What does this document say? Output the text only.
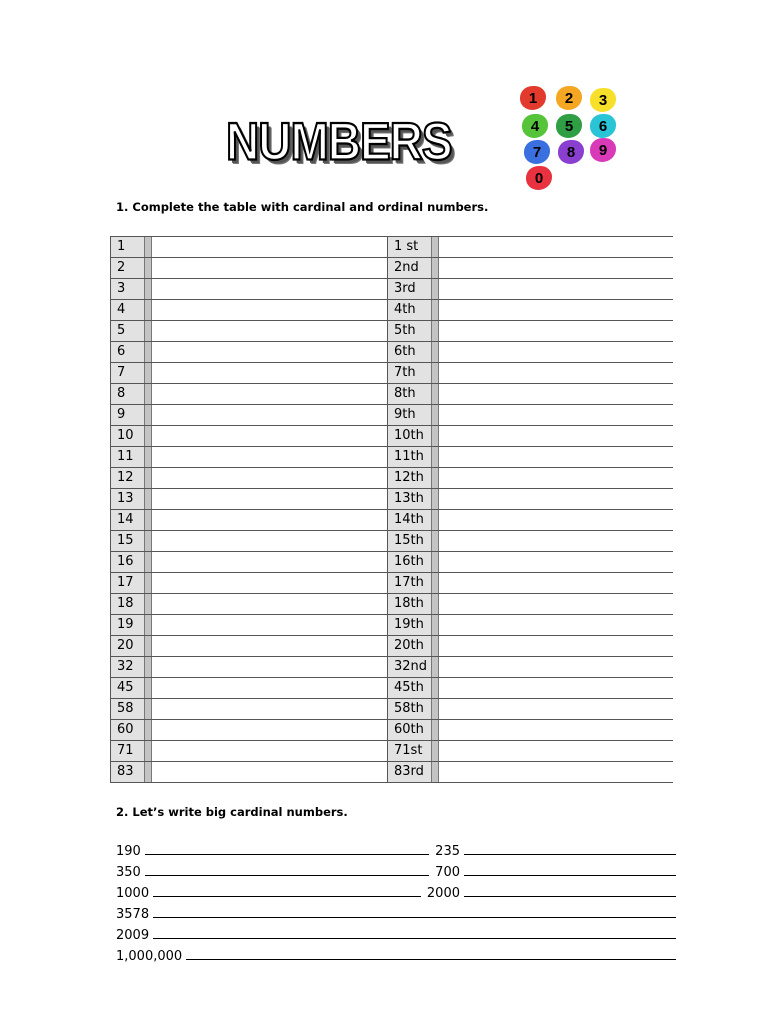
NUMBERS
1	2	3
4	5	6
7	8	9
0
1. Complete the table with cardinal and ordinal numbers.
1			1 st		
2			2nd		
3			3rd		
4			4th		
5			5th		
6			6th		
7			7th		
8			8th		
9			9th		
10			10th		
11			11th		
12			12th		
13			13th		
14			14th		
15			15th		
16			16th		
17			17th		
18			18th		
19			19th		
20			20th		
32			32nd		
45			45th		
58			58th		
60			60th		
71			71st		
83			83rd		
2. Let’s write big cardinal numbers.
190	235
350	700
1000	2000
3578
2009
1,000,000
